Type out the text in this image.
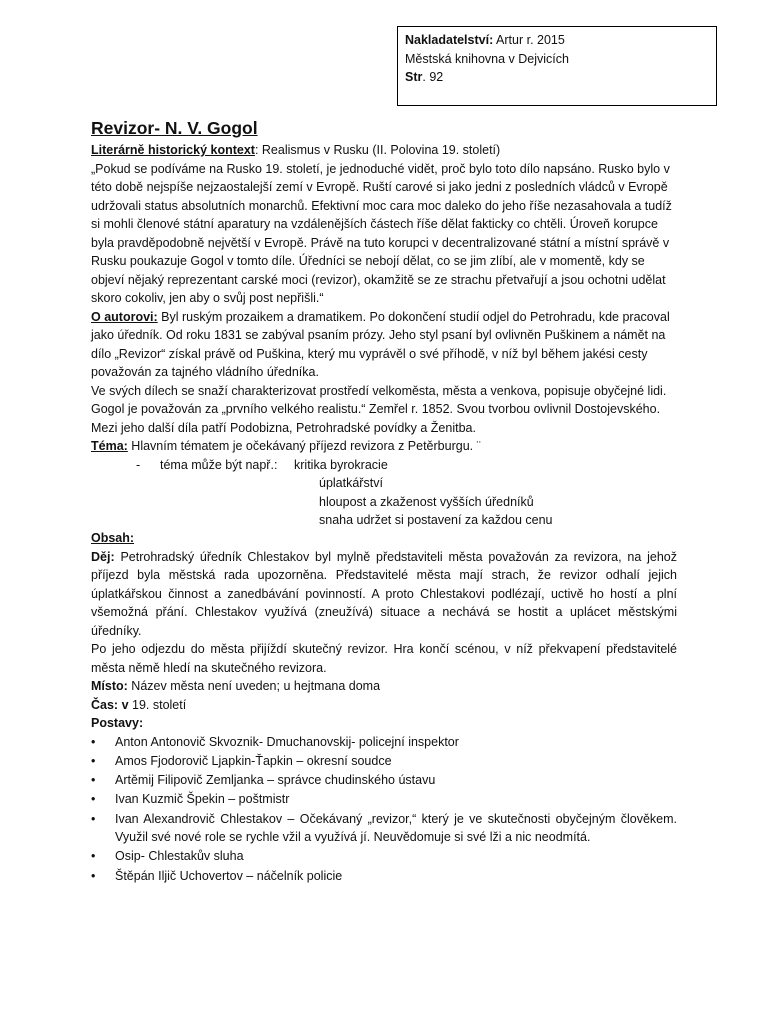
Nakladatelství: Artur r. 2015
Městská knihovna v Dejvicích
Str. 92
Revizor- N. V. Gogol

Literárně historický kontext: Realismus v Rusku (II. Polovina 19. století)

„Pokud se podíváme na Rusko 19. století, je jednoduché vidět, proč bylo toto dílo napsáno. Rusko bylo v této době nejspíše nejzaostalejší zemí v Evropě. Ruští carové si jako jedni z posledních vládců v Evropě udržovali status absolutních monarchů. Efektivní moc cara moc daleko do jeho říše nezasahovala a tudíž si mohli členové státní aparatury na vzdálenějších částech říše dělat fakticky co chtěli. Úroveň korupce byla pravděpodobně největší v Evropě. Právě na tuto korupci v decentralizované státní a místní správě v Rusku poukazuje Gogol v tomto díle. Úředníci se nebojí dělat, co se jim zlíbí, ale v momentě, kdy se objeví nějaký reprezentant carské moci (revizor), okamžitě se ze strachu přetvařují a jsou ochotni udělat skoro cokoliv, jen aby o svůj post nepřišli.“

O autorovi: Byl ruským prozaikem a dramatikem. Po dokončení studií odjel do Petrohradu, kde pracoval jako úředník. Od roku 1831 se zabýval psaním prózy. Jeho styl psaní byl ovlivněn Puškinem a námět na dílo „Revizor“ získal právě od Puškina, který mu vyprávěl o své příhodě, v níž byl během jakési cesty považován za tajného vládního úředníka.

Ve svých dílech se snaží charakterizovat prostředí velkoměsta, města a venkova, popisuje obyčejné lidi.

Gogol je považován za „prvního velkého realistu.“ Zemřel r. 1852. Svou tvorbou ovlivnil Dostojevského.

Mezi jeho další díla patří Podobizna, Petrohradské povídky a Ženitba.

Téma: Hlavním tématem je očekávaný příjezd revizora z Petěrburgu. ¨

- téma může být např.: kritika byrokracie
úplatkářství
hloupost a zkaženost vyšších úředníků
snaha udržet si postavení za každou cenu

Obsah:

Děj: Petrohradský úředník Chlestakov byl mylně představiteli města považován za revizora, na jehož příjezd byla městská rada upozorněna. Představitelé města mají strach, že revizor odhalí jejich úplatkářskou činnost a zanedbávání povinností. A proto Chlestakovi podlézají, uctivě ho hostí a plní všemožná přání. Chlestakov využívá (zneužívá) situace a nechává se hostit a uplácet městskými úředníky.

Po jeho odjezdu do města přijíždí skutečný revizor. Hra končí scénou, v níž překvapení představitelé města němě hledí na skutečného revizora.

Místo: Název města není uveden; u hejtmana doma

Čas: v 19. století

Postavy:

• Anton Antonovič Skvoznik- Dmuchanovskij- policejní inspektor
• Amos Fjodorovič Ljapkin-Ťapkin – okresní soudce
• Artěmij Filipovič Zemljanka – správce chudinského ústavu
• Ivan Kuzmič Špekin – poštmistr
• Ivan Alexandrovič Chlestakov – Očekávaný „revizor,“ který je ve skutečnosti obyčejným člověkem. Využil své nové role se rychle vžil a využívá jí. Neuvědomuje si své lži a nic neodmítá.
• Osip- Chlestakův sluha
• Štěpán Iljič Uchovertov – náčelník policie
